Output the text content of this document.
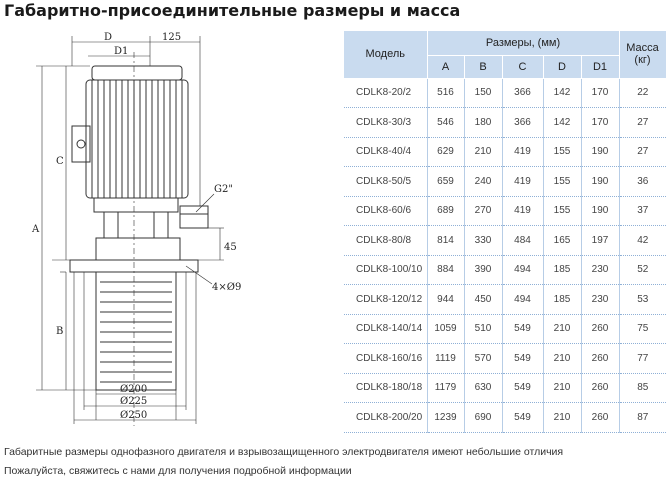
Габаритно-присоединительные размеры и масса
D
D1
125
C
A
B
G2"
45
4×Ø9
Ø200
Ø225
Ø250
Модель	Размеры, (мм)					Масса (кг)
	A	B	C	D	D1	
CDLK8-20/2	516	150	366	142	170	22
CDLK8-30/3	546	180	366	142	170	27
CDLK8-40/4	629	210	419	155	190	27
CDLK8-50/5	659	240	419	155	190	36
CDLK8-60/6	689	270	419	155	190	37
CDLK8-80/8	814	330	484	165	197	42
CDLK8-100/10	884	390	494	185	230	52
CDLK8-120/12	944	450	494	185	230	53
CDLK8-140/14	1059	510	549	210	260	75
CDLK8-160/16	1119	570	549	210	260	77
CDLK8-180/18	1179	630	549	210	260	85
CDLK8-200/20	1239	690	549	210	260	87
Габаритные размеры однофазного двигателя и взрывозащищенного электродвигателя имеют небольшие отличия
Пожалуйста, свяжитесь с нами для получения подробной информации
